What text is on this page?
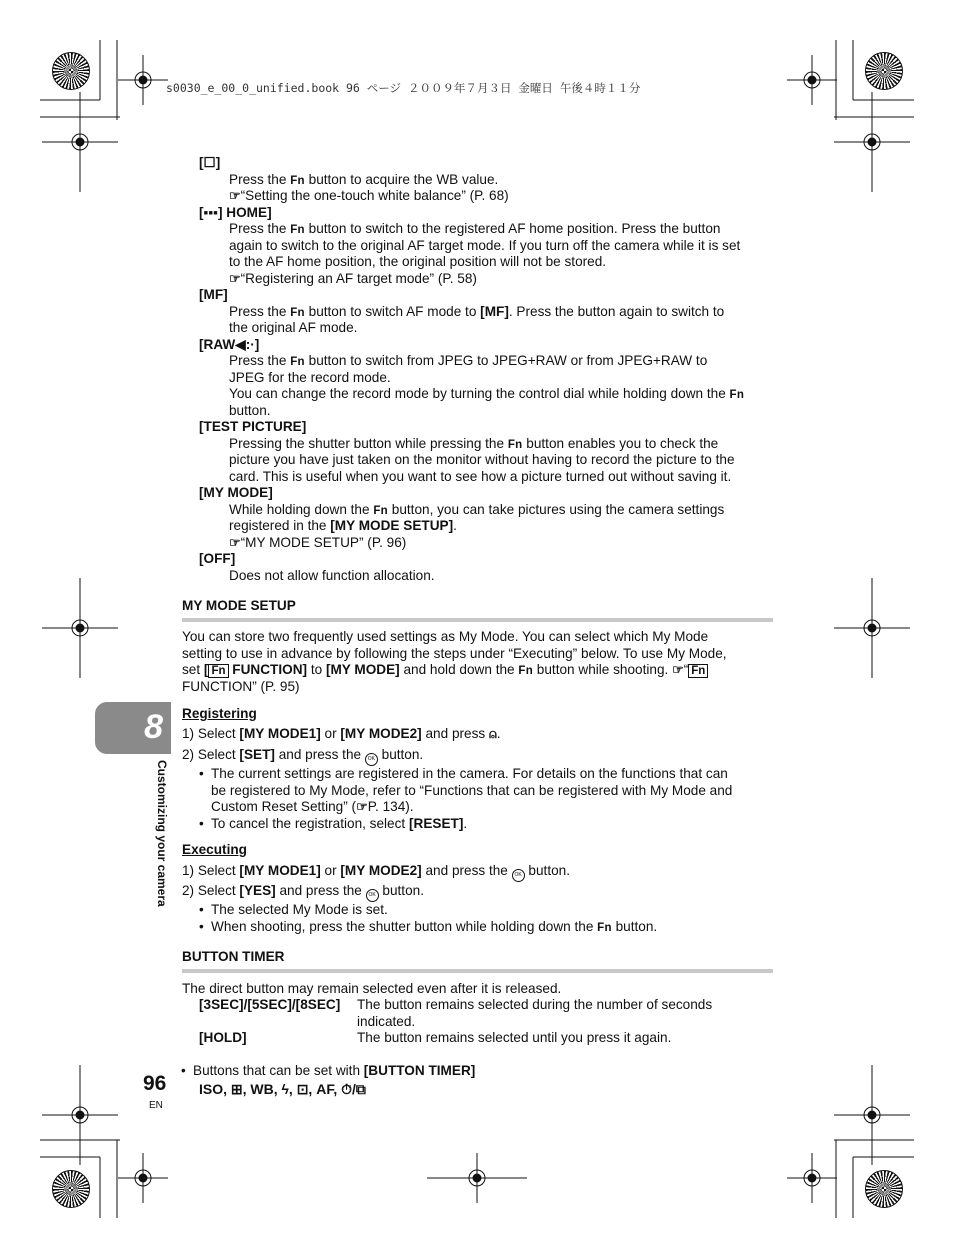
s0030_e_00_0_unified.book 96 ページ ２００９年７月３日 金曜日 午後４時１１分
8
Customizing your camera
[☐]
Press the Fn button to acquire the WB value.
☞“Setting the one-touch white balance” (P. 68)
[▪▪▪] HOME]
Press the Fn button to switch to the registered AF home position. Press the button
again to switch to the original AF target mode. If you turn off the camera while it is set
to the AF home position, the original position will not be stored.
☞“Registering an AF target mode” (P. 58)
[MF]
Press the Fn button to switch AF mode to [MF]. Press the button again to switch to
the original AF mode.
[RAW◀:·]
Press the Fn button to switch from JPEG to JPEG+RAW or from JPEG+RAW to
JPEG for the record mode.
You can change the record mode by turning the control dial while holding down the Fn
button.
[TEST PICTURE]
Pressing the shutter button while pressing the Fn button enables you to check the
picture you have just taken on the monitor without having to record the picture to the
card. This is useful when you want to see how a picture turned out without saving it.
[MY MODE]
While holding down the Fn button, you can take pictures using the camera settings
registered in the [MY MODE SETUP].
☞“MY MODE SETUP” (P. 96)
[OFF]
Does not allow function allocation.
MY MODE SETUP
You can store two frequently used settings as My Mode. You can select which My Mode
setting to use in advance by following the steps under “Executing” below. To use My Mode,
set [ Fn FUNCTION] to [MY MODE] and hold down the Fn button while shooting. ☞“ Fn
FUNCTION” (P. 95)
Registering
1) Select [MY MODE1] or [MY MODE2] and press ⍝.
2) Select [SET] and press the OK button.
The current settings are registered in the camera. For details on the functions that can
•
be registered to My Mode, refer to “Functions that can be registered with My Mode and
Custom Reset Setting” (☞P. 134).
To cancel the registration, select [RESET].
•
Executing
1) Select [MY MODE1] or [MY MODE2] and press the OK button.
2) Select [YES] and press the OK button.
The selected My Mode is set.
•
When shooting, press the shutter button while holding down the Fn button.
•
BUTTON TIMER
The direct button may remain selected even after it is released.
[3SEC]/[5SEC]/[8SEC] The button remains selected during the number of seconds
indicated.
[HOLD]	The button remains selected until you press it again.
• Buttons that can be set with [BUTTON TIMER]
ISO, ⊞, WB, ϟ, ⊡, AF, ⏱/⧉
96
EN
